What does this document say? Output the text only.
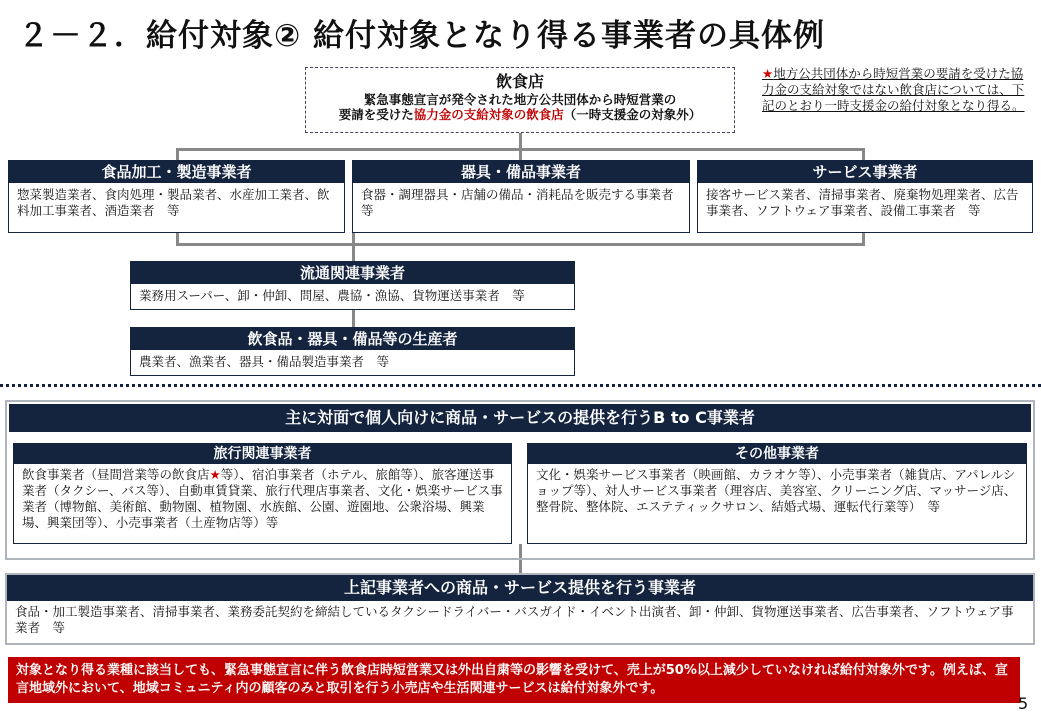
２－２．給付対象② 給付対象となり得る事業者の具体例
飲食店
緊急事態宣言が発令された地方公共団体から時短営業の
要請を受けた協力金の支給対象の飲食店（一時支援金の対象外）
★地方公共団体から時短営業の要請を受けた協力金の支給対象ではない飲食店については、下記のとおり一時支援金の給付対象となり得る。
食品加工・製造事業者
惣菜製造業者、食肉処理・製品業者、水産加工業者、飲料加工事業者、酒造業者　等
器具・備品事業者
食器・調理器具・店舗の備品・消耗品を販売する事業者　等
サービス事業者
接客サービス業者、清掃事業者、廃棄物処理業者、広告事業者、ソフトウェア事業者、設備工事業者　等
流通関連事業者
業務用スーパー、卸・仲卸、問屋、農協・漁協、貨物運送事業者　等
飲食品・器具・備品等の生産者
農業者、漁業者、器具・備品製造事業者　等
主に対面で個人向けに商品・サービスの提供を行うB to C事業者
旅行関連事業者
飲食事業者（昼間営業等の飲食店★等）、宿泊事業者（ホテル、旅館等）、旅客運送事業者（タクシー、バス等）、自動車賃貸業、旅行代理店事業者、文化・娯楽サービス事業者（博物館、美術館、動物園、植物園、水族館、公園、遊園地、公衆浴場、興業場、興業団等）、小売事業者（土産物店等）等
その他事業者
文化・娯楽サービス事業者（映画館、カラオケ等）、小売事業者（雑貨店、アパレルショップ等）、対人サービス事業者（理容店、美容室、クリーニング店、マッサージ店、整骨院、整体院、エステティックサロン、結婚式場、運転代行業等）　等
上記事業者への商品・サービス提供を行う事業者
食品・加工製造事業者、清掃事業者、業務委託契約を締結しているタクシードライバー・バスガイド・イベント出演者、卸・仲卸、貨物運送事業者、広告事業者、ソフトウェア事業者　等
対象となり得る業種に該当しても、緊急事態宣言に伴う飲食店時短営業又は外出自粛等の影響を受けて、売上が50%以上減少していなければ給付対象外です。例えば、宣言地域外において、地域コミュニティ内の顧客のみと取引を行う小売店や生活関連サービスは給付対象外です。
5
